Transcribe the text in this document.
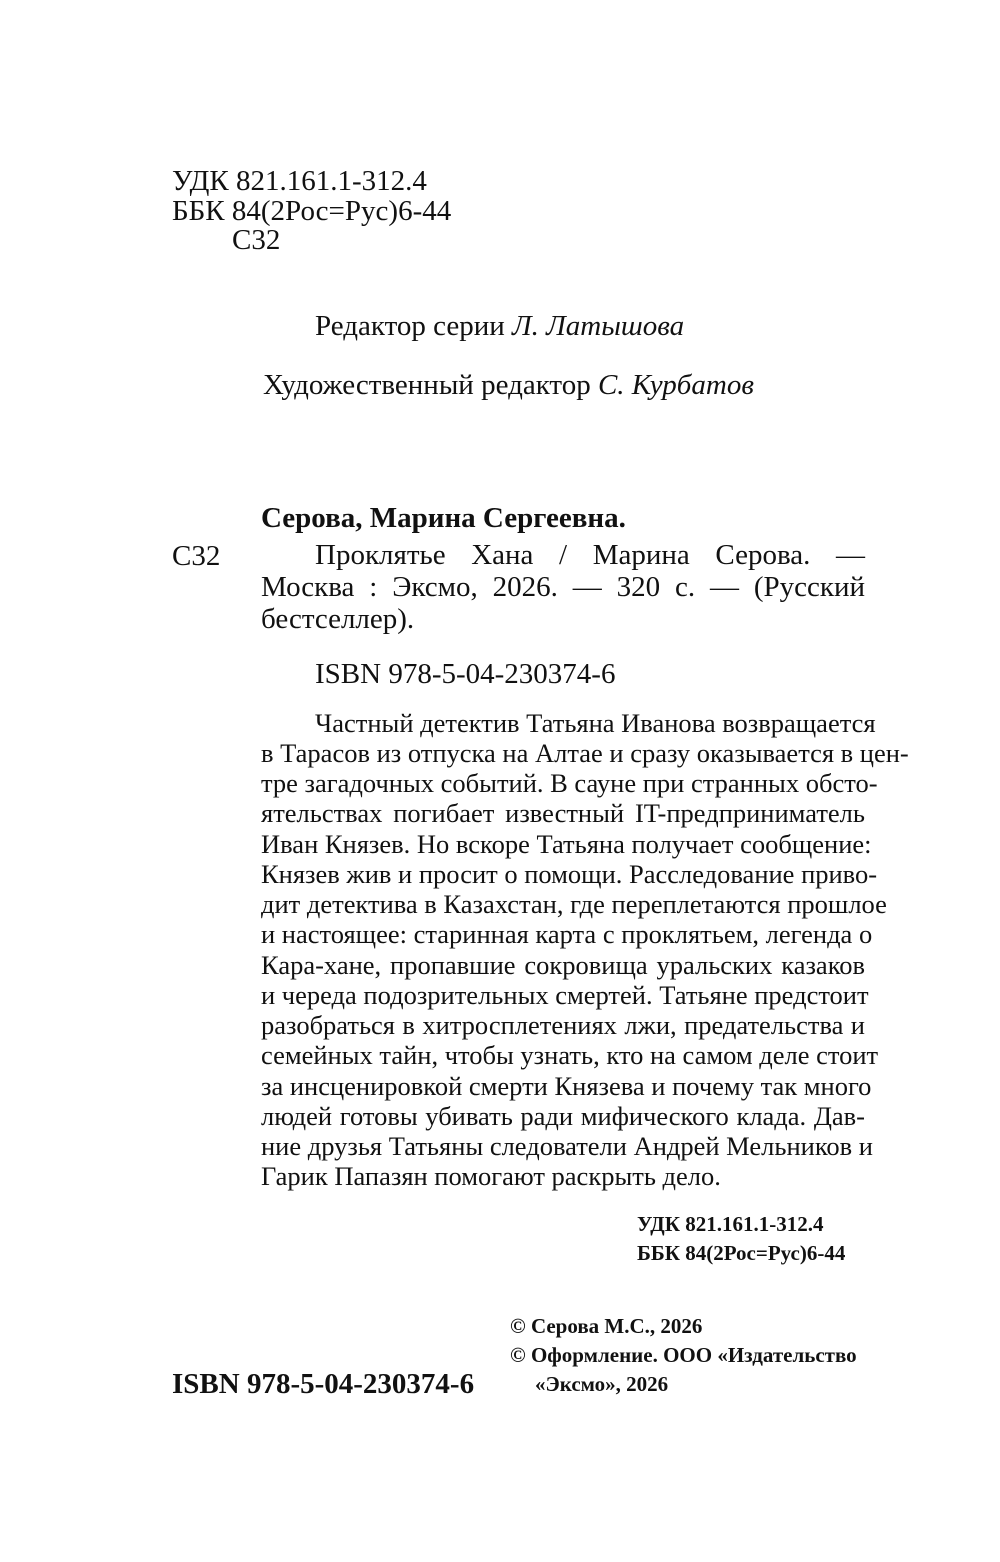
УДК 821.161.1-312.4
ББК 84(2Рос=Рус)6-44
С32
Редактор серии Л. Латышова
Художественный редактор С. Курбатов
Серова, Марина Сергеевна.
С32	Проклятье Хана / Марина Серова. —
Москва : Эксмо, 2026. — 320 с. — (Русский
бестселлер).
ISBN 978-5-04-230374-6
Частный детектив Татьяна Иванова возвращается
в Тарасов из отпуска на Алтае и сразу оказывается в цен-
тре загадочных событий. В сауне при странных обсто-
ятельствах погибает известный IT-предприниматель
Иван Князев. Но вскоре Татьяна получает сообщение:
Князев жив и просит о помощи. Расследование приво-
дит детектива в Казахстан, где переплетаются прошлое
и настоящее: старинная карта с проклятьем, легенда о
Кара-хане, пропавшие сокровища уральских казаков
и череда подозрительных смертей. Татьяне предстоит
разобраться в хитросплетениях лжи, предательства и
семейных тайн, чтобы узнать, кто на самом деле стоит
за инсценировкой смерти Князева и почему так много
людей готовы убивать ради мифического клада. Дав-
ние друзья Татьяны следователи Андрей Мельников и
Гарик Папазян помогают раскрыть дело.
УДК 821.161.1-312.4
ББК 84(2Рос=Рус)6-44
© Серова М.С., 2026
© Оформление. ООО «Издательство
«Эксмо», 2026
ISBN 978-5-04-230374-6
